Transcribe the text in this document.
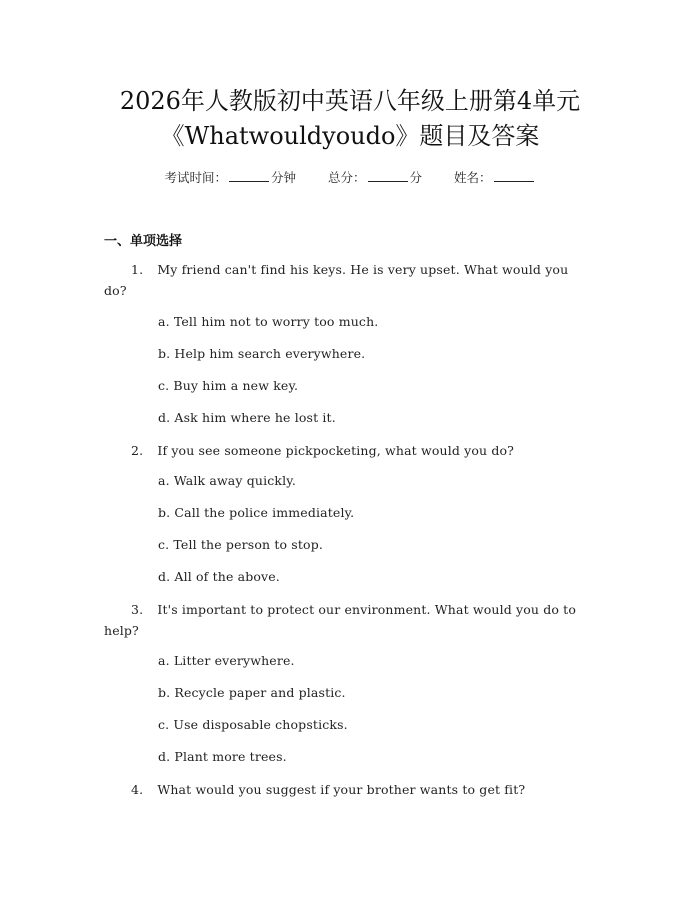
2026年人教版初中英语八年级上册第4单元
《Whatwouldyoudo》题目及答案
考试时间：	分钟	总分：	分	姓名：
一、单项选择

1. My friend can't find his keys. He is very upset. What would you
do?

a. Tell him not to worry too much.

b. Help him search everywhere.

c. Buy him a new key.

d. Ask him where he lost it.

2. If you see someone pickpocketing, what would you do?

a. Walk away quickly.

b. Call the police immediately.

c. Tell the person to stop.

d. All of the above.

3. It's important to protect our environment. What would you do to
help?

a. Litter everywhere.

b. Recycle paper and plastic.

c. Use disposable chopsticks.

d. Plant more trees.

4. What would you suggest if your brother wants to get fit?
